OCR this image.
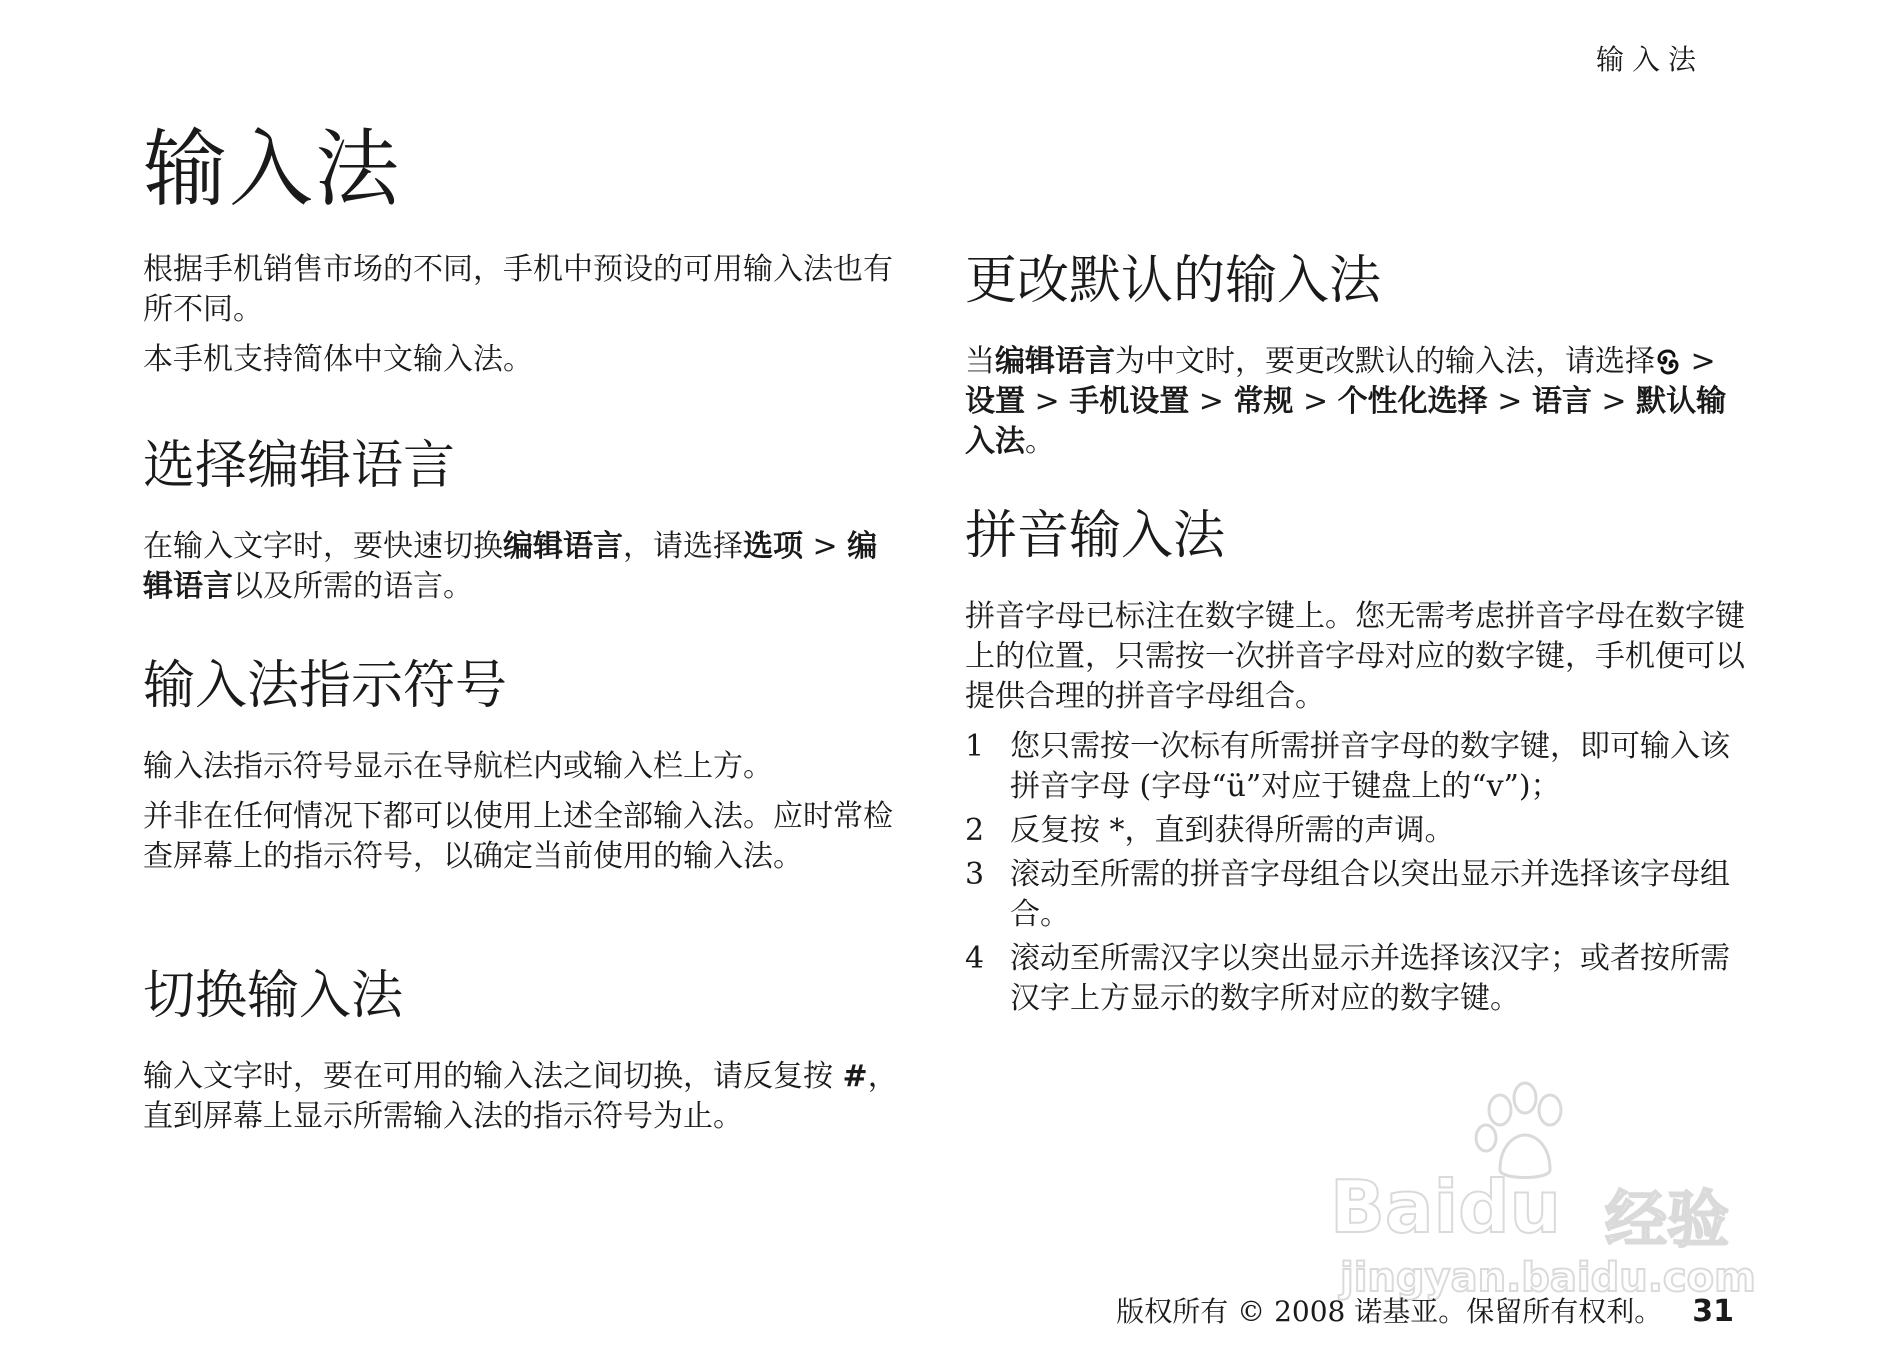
输入法
输入法

根据手机销售市场的不同，手机中预设的可用输入法也有所不同。

本手机支持简体中文输入法。

选择编辑语言

在输入文字时，要快速切换编辑语言，请选择选项 > 编辑语言以及所需的语言。

输入法指示符号

输入法指示符号显示在导航栏内或输入栏上方。

并非在任何情况下都可以使用上述全部输入法。应时常检查屏幕上的指示符号，以确定当前使用的输入法。

切换输入法

输入文字时，要在可用的输入法之间切换，请反复按 #，直到屏幕上显示所需输入法的指示符号为止。

更改默认的输入法

当编辑语言为中文时，要更改默认的输入法，请选择 > 设置 > 手机设置 > 常规 > 个性化选择 > 语言 > 默认输入法。

拼音输入法

拼音字母已标注在数字键上。您无需考虑拼音字母在数字键上的位置，只需按一次拼音字母对应的数字键，手机便可以提供合理的拼音字母组合。

1 您只需按一次标有所需拼音字母的数字键，即可输入该拼音字母 (字母“ü”对应于键盘上的“v”)；
2 反复按 *，直到获得所需的声调。
3 滚动至所需的拼音字母组合以突出显示并选择该字母组合。
4 滚动至所需汉字以突出显示并选择该汉字；或者按所需汉字上方显示的数字所对应的数字键。
Baidu 经验
jingyan.baidu.com
版权所有 © 2008 诺基亚。保留所有权利。 31
